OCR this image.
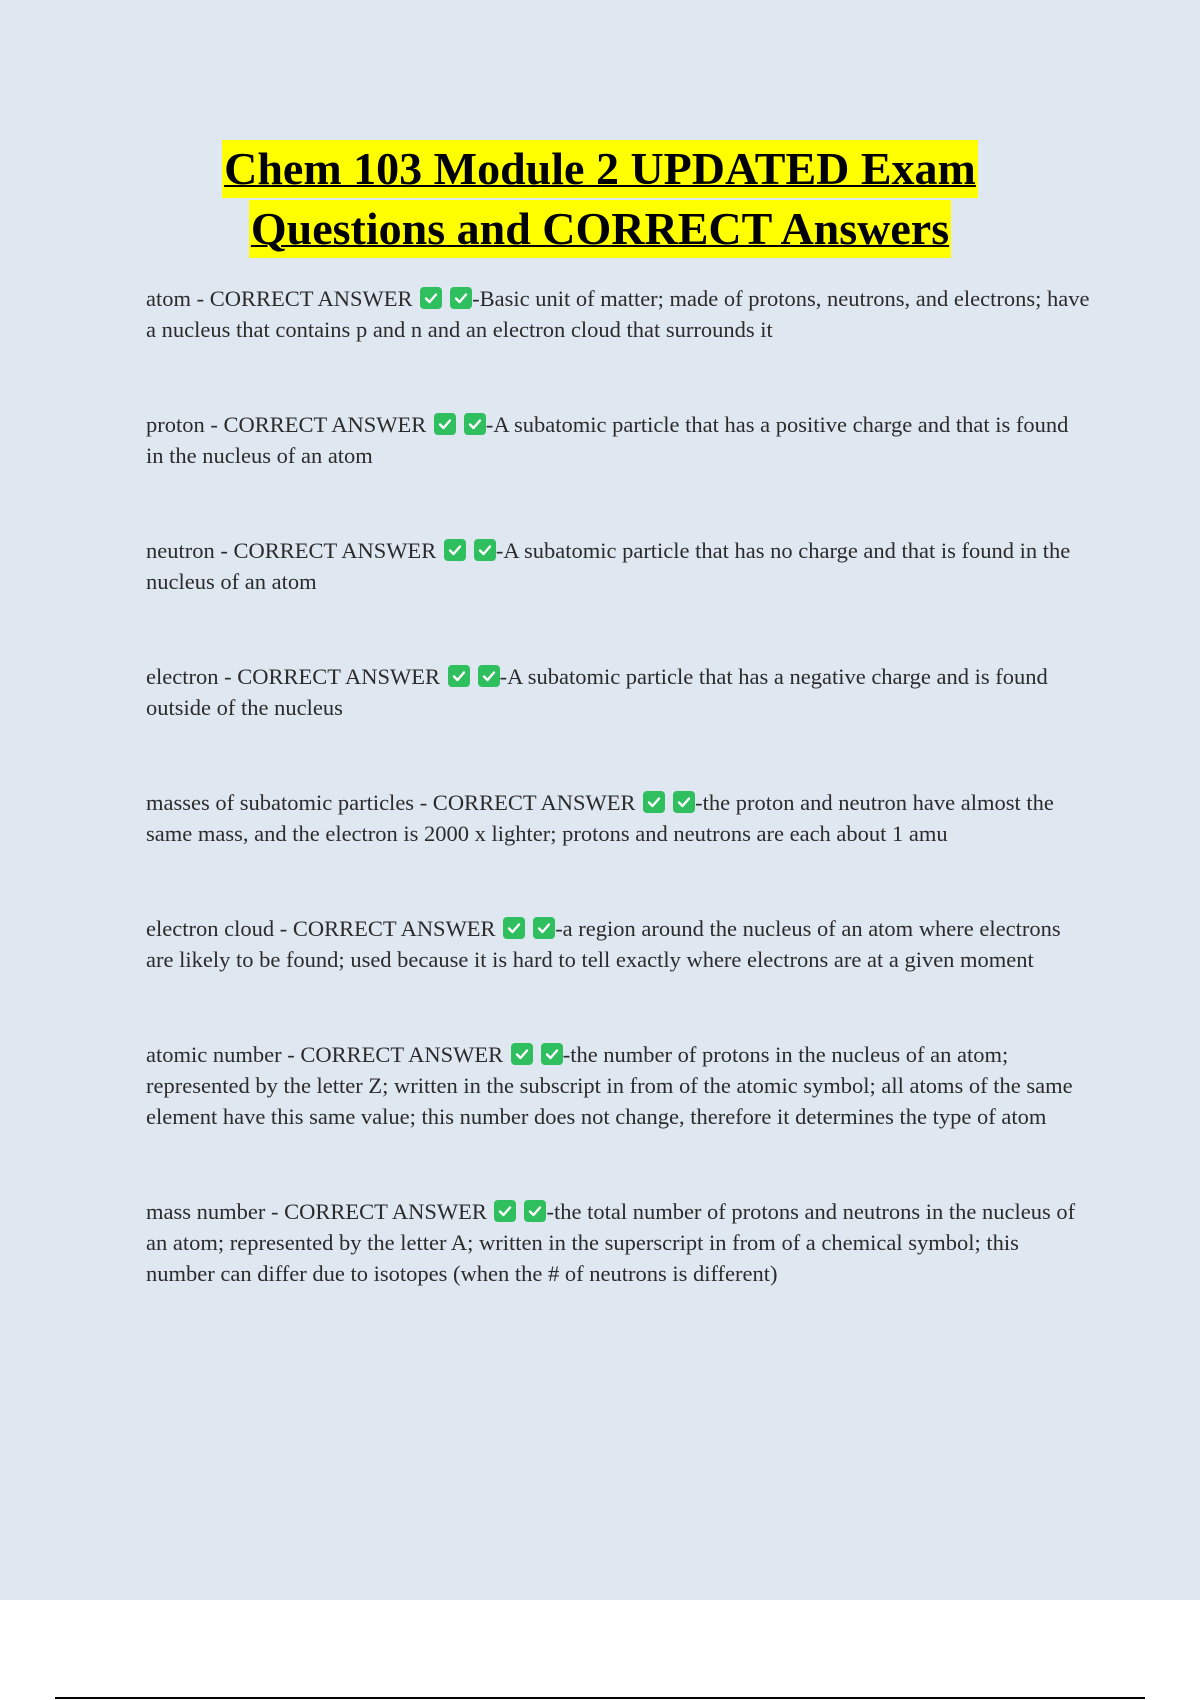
Chem 103 Module 2 UPDATED Exam
Questions and CORRECT Answers
atom - CORRECT ANSWER	-Basic unit of matter; made of protons, neutrons, and electrons; have a nucleus that contains p and n and an electron cloud that surrounds it
proton - CORRECT ANSWER	-A subatomic particle that has a positive charge and that is found in the nucleus of an atom
neutron - CORRECT ANSWER	-A subatomic particle that has no charge and that is found in the nucleus of an atom
electron - CORRECT ANSWER	-A subatomic particle that has a negative charge and is found outside of the nucleus
masses of subatomic particles - CORRECT ANSWER	-the proton and neutron have almost the same mass, and the electron is 2000 x lighter; protons and neutrons are each about 1 amu
electron cloud - CORRECT ANSWER	-a region around the nucleus of an atom where electrons are likely to be found; used because it is hard to tell exactly where electrons are at a given moment
atomic number - CORRECT ANSWER	-the number of protons in the nucleus of an atom; represented by the letter Z; written in the subscript in from of the atomic symbol; all atoms of the same element have this same value; this number does not change, therefore it determines the type of atom
mass number - CORRECT ANSWER	-the total number of protons and neutrons in the nucleus of an atom; represented by the letter A; written in the superscript in from of a chemical symbol; this number can differ due to isotopes (when the # of neutrons is different)
